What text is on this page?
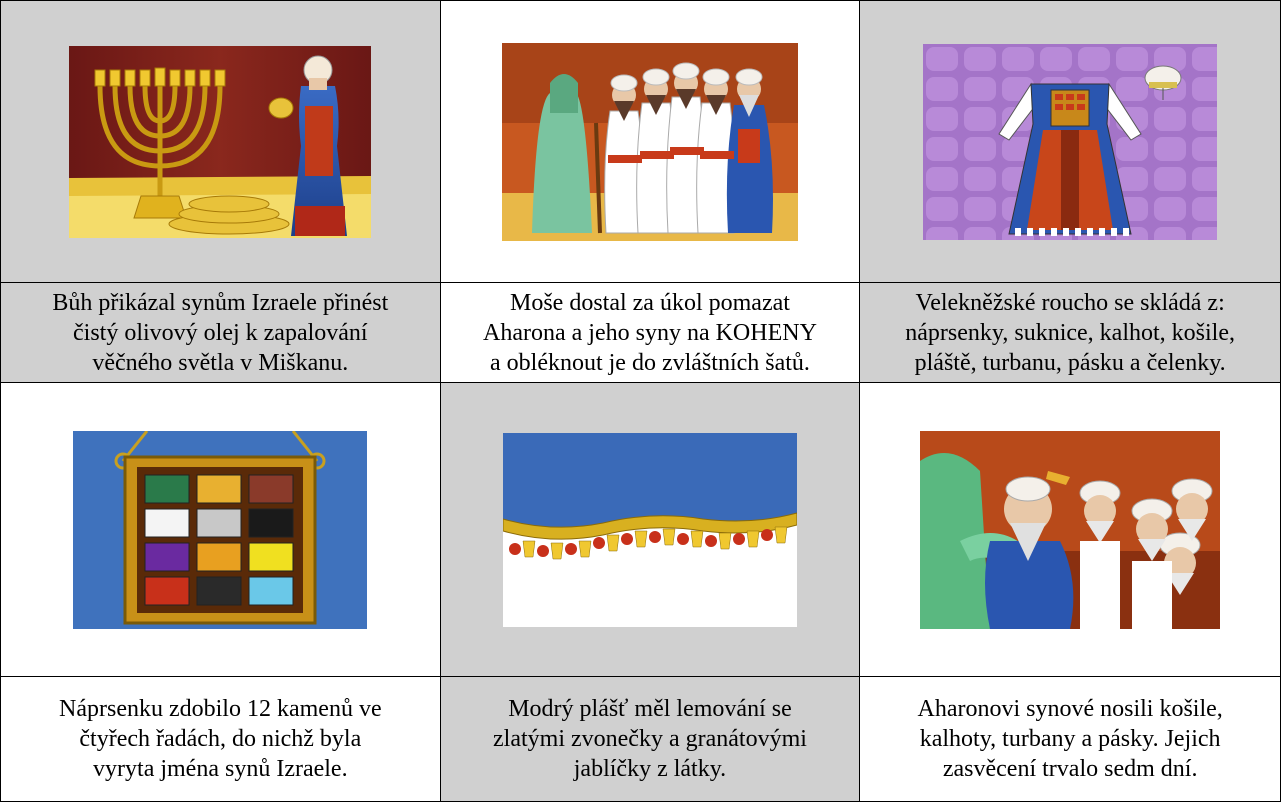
Bůh přikázal synům Izraele přinést
čistý olivový olej k zapalování
věčného světla v Miškanu.	Moše dostal za úkol pomazat
Aharona a jeho syny na KOHENY
a obléknout je do zvláštních šatů.	Velekněžské roucho se skládá z:
náprsenky, suknice, kalhot, košile,
pláště, turbanu, pásku a čelenky.

Náprsenku zdobilo 12 kamenů ve
čtyřech řadách, do nichž byla
vyryta jména synů Izraele.	Modrý plášť měl lemování se
zlatými zvonečky a granátovými
jablíčky z látky.	Aharonovi synové nosili košile,
kalhoty, turbany a pásky. Jejich
zasvěcení trvalo sedm dní.
